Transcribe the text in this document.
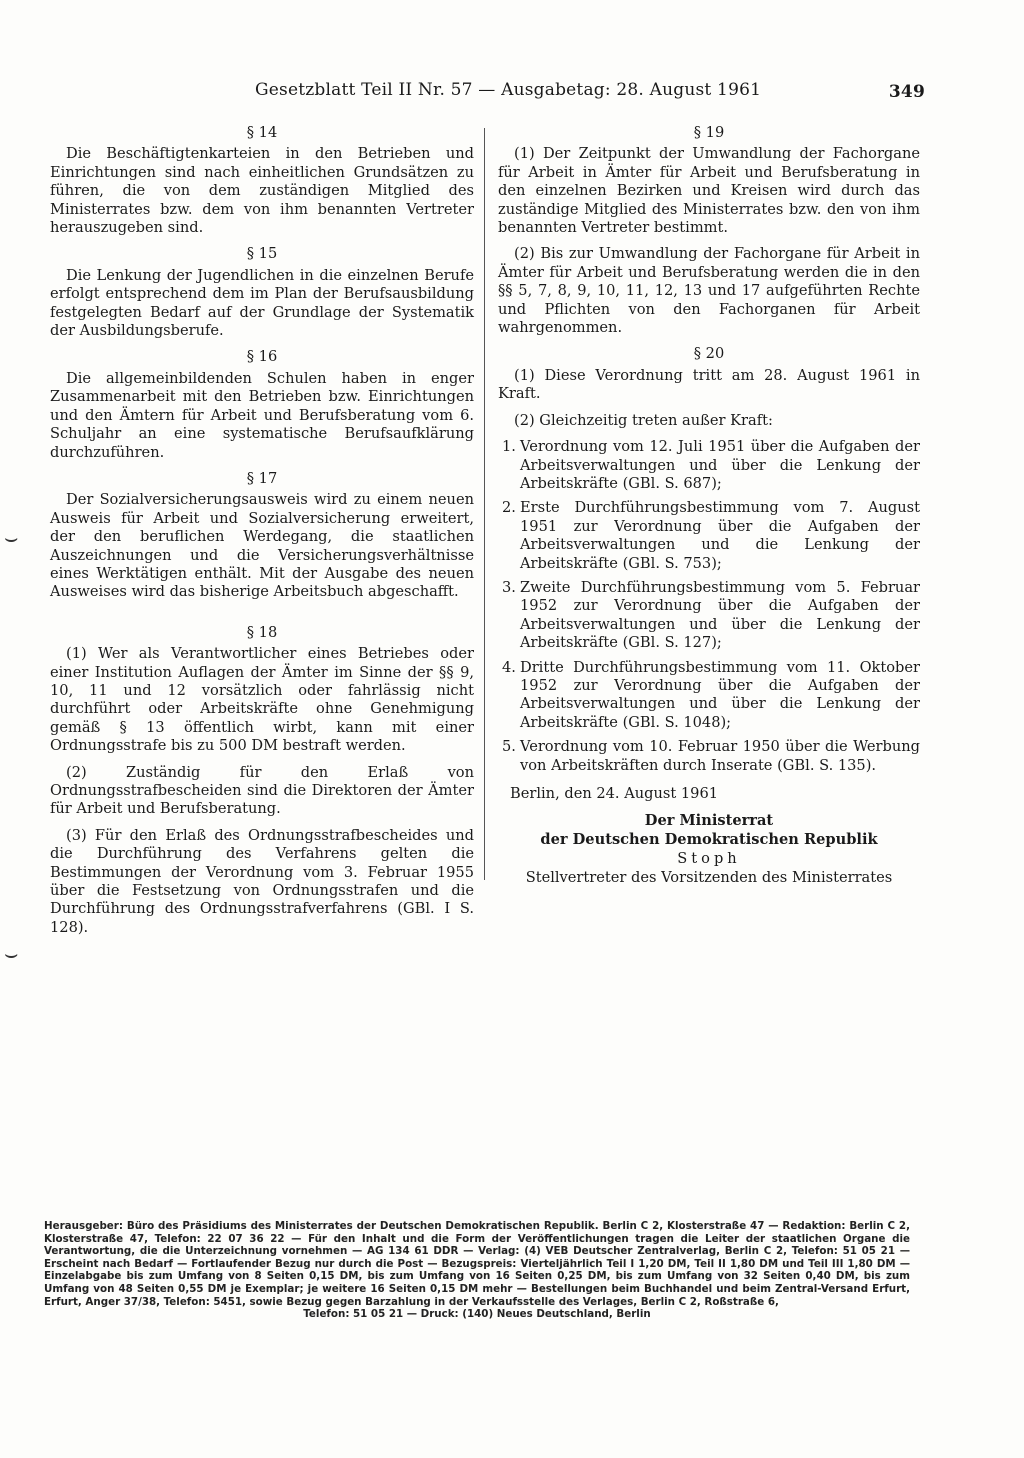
Gesetzblatt Teil II Nr. 57 — Ausgabetag: 28. August 1961	349
§ 14

Die Beschäftigtenkarteien in den Betrieben und Einrichtungen sind nach einheitlichen Grundsätzen zu führen, die von dem zuständigen Mitglied des Ministerrates bzw. dem von ihm benannten Vertreter herauszugeben sind.

§ 15

Die Lenkung der Jugendlichen in die einzelnen Berufe erfolgt entsprechend dem im Plan der Berufsausbildung festgelegten Bedarf auf der Grundlage der Systematik der Ausbildungsberufe.

§ 16

Die allgemeinbildenden Schulen haben in enger Zusammenarbeit mit den Betrieben bzw. Einrichtungen und den Ämtern für Arbeit und Berufsberatung vom 6. Schuljahr an eine systematische Berufsaufklärung durchzuführen.

§ 17

Der Sozialversicherungsausweis wird zu einem neuen Ausweis für Arbeit und Sozialversicherung erweitert, der den beruflichen Werdegang, die staatlichen Auszeichnungen und die Versicherungsverhältnisse eines Werktätigen enthält. Mit der Ausgabe des neuen Ausweises wird das bisherige Arbeitsbuch abgeschafft.

§ 18

(1) Wer als Verantwortlicher eines Betriebes oder einer Institution Auflagen der Ämter im Sinne der §§ 9, 10, 11 und 12 vorsätzlich oder fahrlässig nicht durchführt oder Arbeitskräfte ohne Genehmigung gemäß § 13 öffentlich wirbt, kann mit einer Ordnungsstrafe bis zu 500 DM bestraft werden.

(2) Zuständig für den Erlaß von Ordnungsstrafbescheiden sind die Direktoren der Ämter für Arbeit und Berufsberatung.

(3) Für den Erlaß des Ordnungsstrafbescheides und die Durchführung des Verfahrens gelten die Bestimmungen der Verordnung vom 3. Februar 1955 über die Festsetzung von Ordnungsstrafen und die Durchführung des Ordnungsstrafverfahrens (GBl. I S. 128).

§ 19

(1) Der Zeitpunkt der Umwandlung der Fachorgane für Arbeit in Ämter für Arbeit und Berufsberatung in den einzelnen Bezirken und Kreisen wird durch das zuständige Mitglied des Ministerrates bzw. den von ihm benannten Vertreter bestimmt.

(2) Bis zur Umwandlung der Fachorgane für Arbeit in Ämter für Arbeit und Berufsberatung werden die in den §§ 5, 7, 8, 9, 10, 11, 12, 13 und 17 aufgeführten Rechte und Pflichten von den Fachorganen für Arbeit wahrgenommen.

§ 20

(1) Diese Verordnung tritt am 28. August 1961 in Kraft.

(2) Gleichzeitig treten außer Kraft:

1. Verordnung vom 12. Juli 1951 über die Aufgaben der Arbeitsverwaltungen und über die Lenkung der Arbeitskräfte (GBl. S. 687);
2. Erste Durchführungsbestimmung vom 7. August 1951 zur Verordnung über die Aufgaben der Arbeitsverwaltungen und die Lenkung der Arbeitskräfte (GBl. S. 753);
3. Zweite Durchführungsbestimmung vom 5. Februar 1952 zur Verordnung über die Aufgaben der Arbeitsverwaltungen und über die Lenkung der Arbeitskräfte (GBl. S. 127);
4. Dritte Durchführungsbestimmung vom 11. Oktober 1952 zur Verordnung über die Aufgaben der Arbeitsverwaltungen und über die Lenkung der Arbeitskräfte (GBl. S. 1048);
5. Verordnung vom 10. Februar 1950 über die Werbung von Arbeitskräften durch Inserate (GBl. S. 135).
Berlin, den 24. August 1961
Der Ministerrat
der Deutschen Demokratischen Republik
Stoph
Stellvertreter des Vorsitzenden des Ministerrates
⌣
⌣
Herausgeber: Büro des Präsidiums des Ministerrates der Deutschen Demokratischen Republik. Berlin C 2, Klosterstraße 47 — Redaktion: Berlin C 2, Klosterstraße 47, Telefon: 22 07 36 22 — Für den Inhalt und die Form der Veröffentlichungen tragen die Leiter der staatlichen Organe die Verantwortung, die die Unterzeichnung vornehmen — AG 134 61 DDR — Verlag: (4) VEB Deutscher Zentralverlag, Berlin C 2, Telefon: 51 05 21 — Erscheint nach Bedarf — Fortlaufender Bezug nur durch die Post — Bezugspreis: Vierteljährlich Teil I 1,20 DM, Teil II 1,80 DM und Teil III 1,80 DM — Einzelabgabe bis zum Umfang von 8 Seiten 0,15 DM, bis zum Umfang von 16 Seiten 0,25 DM, bis zum Umfang von 32 Seiten 0,40 DM, bis zum Umfang von 48 Seiten 0,55 DM je Exemplar; je weitere 16 Seiten 0,15 DM mehr — Bestellungen beim Buchhandel und beim Zentral-Versand Erfurt, Erfurt, Anger 37/38, Telefon: 5451, sowie Bezug gegen Barzahlung in der Verkaufsstelle des Verlages, Berlin C 2, Roßstraße 6,
Telefon: 51 05 21 — Druck: (140) Neues Deutschland, Berlin
